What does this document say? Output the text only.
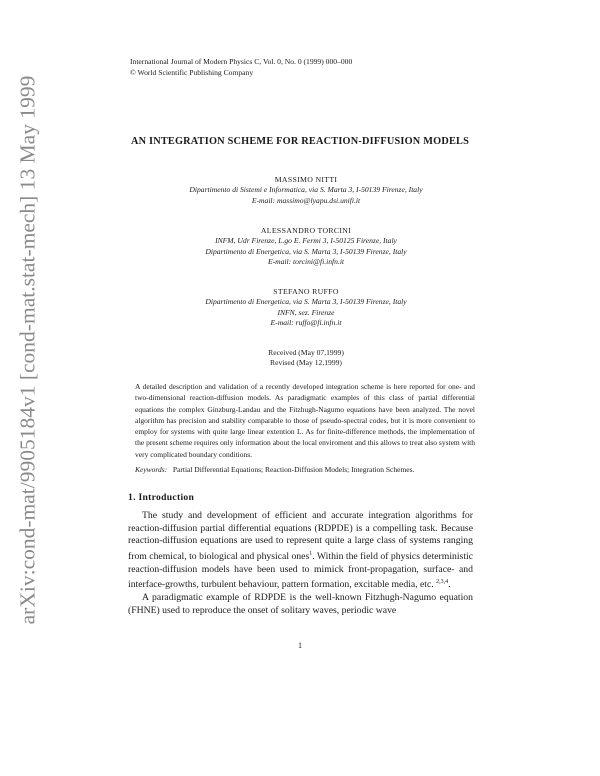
arXiv:cond-mat/9905184v1 [cond-mat.stat-mech] 13 May 1999
International Journal of Modern Physics C, Vol. 0, No. 0 (1999) 000–000
© World Scientific Publishing Company
AN INTEGRATION SCHEME FOR REACTION-DIFFUSION MODELS
MASSIMO NITTI
Dipartimento di Sistemi e Informatica, via S. Marta 3, I-50139 Firenze, Italy
E-mail: massimo@lyapu.dsi.unifi.it
ALESSANDRO TORCINI
INFM, Udr Firenze, L.go E. Fermi 3, I-50125 Firenze, Italy
Dipartimento di Energetica, via S. Marta 3, I-50139 Firenze, Italy
E-mail: torcini@fi.infn.it
STEFANO RUFFO
Dipartimento di Energetica, via S. Marta 3, I-50139 Firenze, Italy
INFN, sez. Firenze
E-mail: ruffo@fi.infn.it
Received (May 07,1999)
Revised (May 12,1999)
A detailed description and validation of a recently developed integration scheme is here reported for one- and two-dimensional reaction-diffusion models. As paradigmatic examples of this class of partial differential equations the complex Ginzburg-Landau and the Fitzhugh-Nagumo equations have been analyzed. The novel algorithm has precision and stability comparable to those of pseudo-spectral codes, but it is more convenient to employ for systems with quite large linear extention L. As for finite-difference methods, the implementation of the present scheme requires only information about the local enviroment and this allows to treat also system with very complicated boundary conditions.
Keywords: Partial Differential Equations; Reaction-Diffusion Models; Integration Schemes.
1. Introduction

The study and development of efficient and accurate integration algorithms for reaction-diffusion partial differential equations (RDPDE) is a compelling task. Because reaction-diffusion equations are used to represent quite a large class of systems ranging from chemical, to biological and physical ones$^1$. Within the field of physics deterministic reaction-diffusion models have been used to mimick front-propagation, surface- and interface-growths, turbulent behaviour, pattern formation, excitable media, etc. $^{2,3,4}$.

A paradigmatic example of RDPDE is the well-known Fitzhugh-Nagumo equation (FHNE) used to reproduce the onset of solitary waves, periodic wave

1
